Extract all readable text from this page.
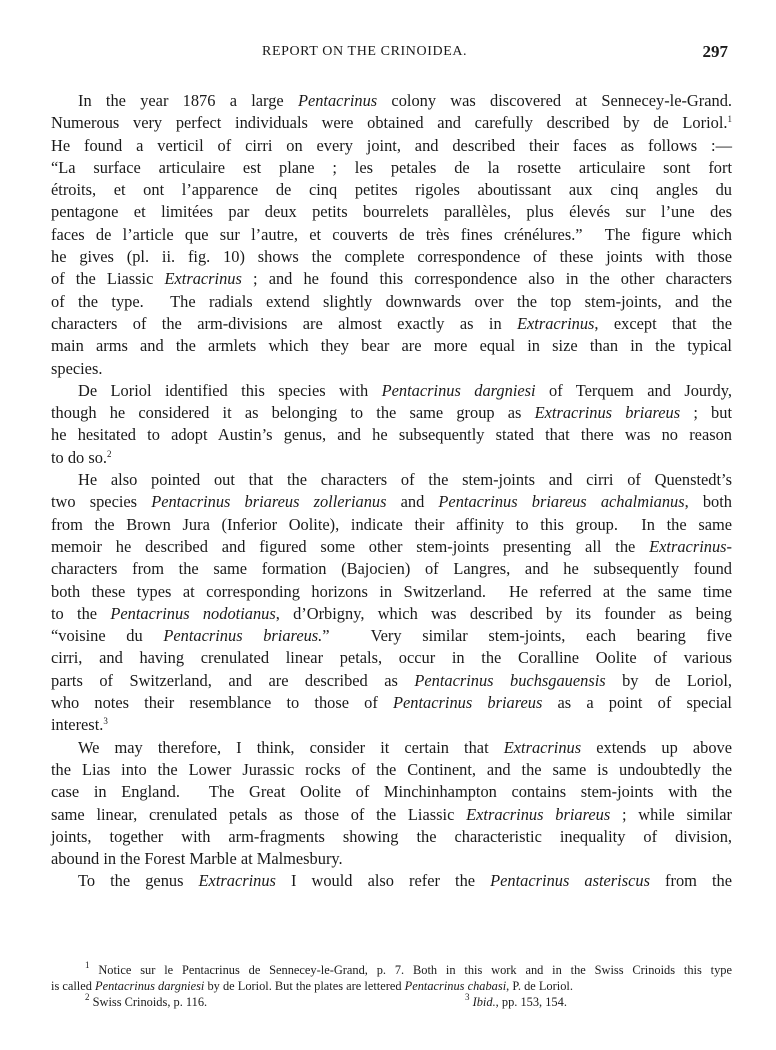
REPORT ON THE CRINOIDEA.	297
In the year 1876 a large Pentacrinus colony was discovered at Sennecey-le-Grand.
Numerous very perfect individuals were obtained and carefully described by de Loriol.$^1$
He found a verticil of cirri on every joint, and described their faces as follows :—
“La surface articulaire est plane ; les petales de la rosette articulaire sont fort
étroits, et ont l’apparence de cinq petites rigoles aboutissant aux cinq angles du
pentagone et limitées par deux petits bourrelets parallèles, plus élevés sur l’une des
faces de l’article que sur l’autre, et couverts de très fines crénélures.”  The figure which
he gives (pl. ii. fig. 10) shows the complete correspondence of these joints with those
of the Liassic Extracrinus ; and he found this correspondence also in the other characters
of the type.  The radials extend slightly downwards over the top stem-joints, and the
characters of the arm-divisions are almost exactly as in Extracrinus, except that the
main arms and the armlets which they bear are more equal in size than in the typical
species.
De Loriol identified this species with Pentacrinus dargniesi of Terquem and Jourdy,
though he considered it as belonging to the same group as Extracrinus briareus ; but
he hesitated to adopt Austin’s genus, and he subsequently stated that there was no reason
to do so.$^2$
He also pointed out that the characters of the stem-joints and cirri of Quenstedt’s
two species Pentacrinus briareus zollerianus and Pentacrinus briareus achalmianus, both
from the Brown Jura (Inferior Oolite), indicate their affinity to this group.  In the same
memoir he described and figured some other stem-joints presenting all the Extracrinus-
characters from the same formation (Bajocien) of Langres, and he subsequently found
both these types at corresponding horizons in Switzerland.  He referred at the same time
to the Pentacrinus nodotianus, d’Orbigny, which was described by its founder as being
“voisine du Pentacrinus briareus.”  Very similar stem-joints, each bearing five
cirri, and having crenulated linear petals, occur in the Coralline Oolite of various
parts of Switzerland, and are described as Pentacrinus buchsgauensis by de Loriol,
who notes their resemblance to those of Pentacrinus briareus as a point of special
interest.$^3$
We may therefore, I think, consider it certain that Extracrinus extends up above
the Lias into the Lower Jurassic rocks of the Continent, and the same is undoubtedly the
case in England.  The Great Oolite of Minchinhampton contains stem-joints with the
same linear, crenulated petals as those of the Liassic Extracrinus briareus ; while similar
joints, together with arm-fragments showing the characteristic inequality of division,
abound in the Forest Marble at Malmesbury.
To the genus Extracrinus I would also refer the Pentacrinus asteriscus from the
$^1$ Notice sur le Pentacrinus de Sennecey-le-Grand, p. 7. Both in this work and in the Swiss Crinoids this type
is called Pentacrinus dargniesi by de Loriol. But the plates are lettered Pentacrinus chabasi, P. de Loriol.
$^2$ Swiss Crinoids, p. 116.	$^3$ Ibid., pp. 153, 154.
